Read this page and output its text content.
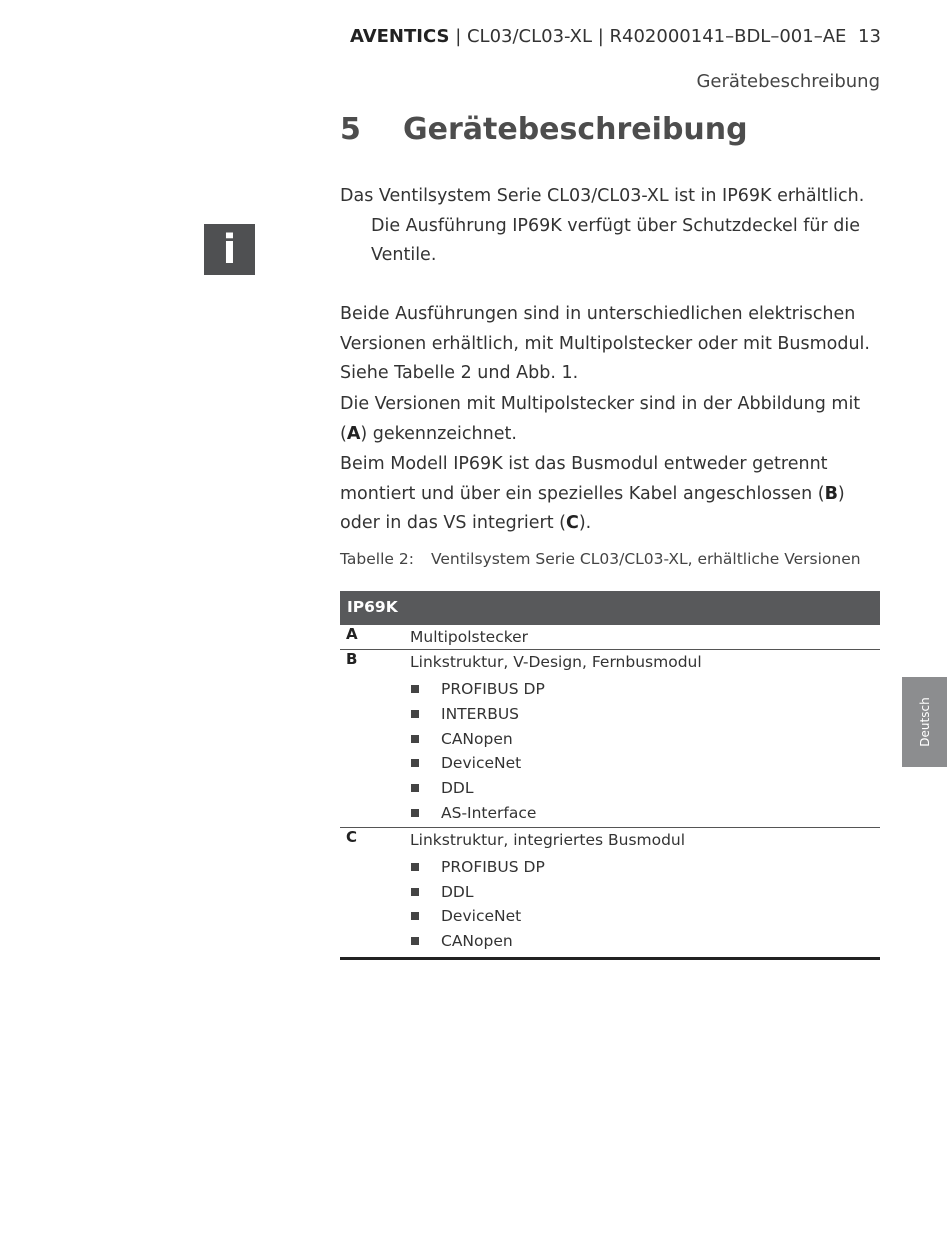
AVENTICS | CL03/CL03-XL | R402000141–BDL–001–AE 13
Gerätebeschreibung
5 Gerätebeschreibung
i
Das Ventilsystem Serie CL03/CL03-XL ist in IP69K erhältlich.
Die Ausführung IP69K verfügt über Schutzdeckel für die Ventile.
Beide Ausführungen sind in unterschiedlichen elektrischen Versionen erhältlich, mit Multipolstecker oder mit Busmodul. Siehe Tabelle 2 und Abb. 1.
Die Versionen mit Multipolstecker sind in der Abbildung mit (A) gekennzeichnet.
Beim Modell IP69K ist das Busmodul entweder getrennt montiert und über ein spezielles Kabel angeschlossen (B) oder in das VS integriert (C).
Tabelle 2: Ventilsystem Serie CL03/CL03-XL, erhältliche Versionen
IP69K
A	Multipolstecker
B	Linkstruktur, V-Design, Fernbusmodul
PROFIBUS DP
INTERBUS
CANopen
DeviceNet
DDL
AS-Interface
C	Linkstruktur, integriertes Busmodul
PROFIBUS DP
DDL
DeviceNet
CANopen
Deutsch
